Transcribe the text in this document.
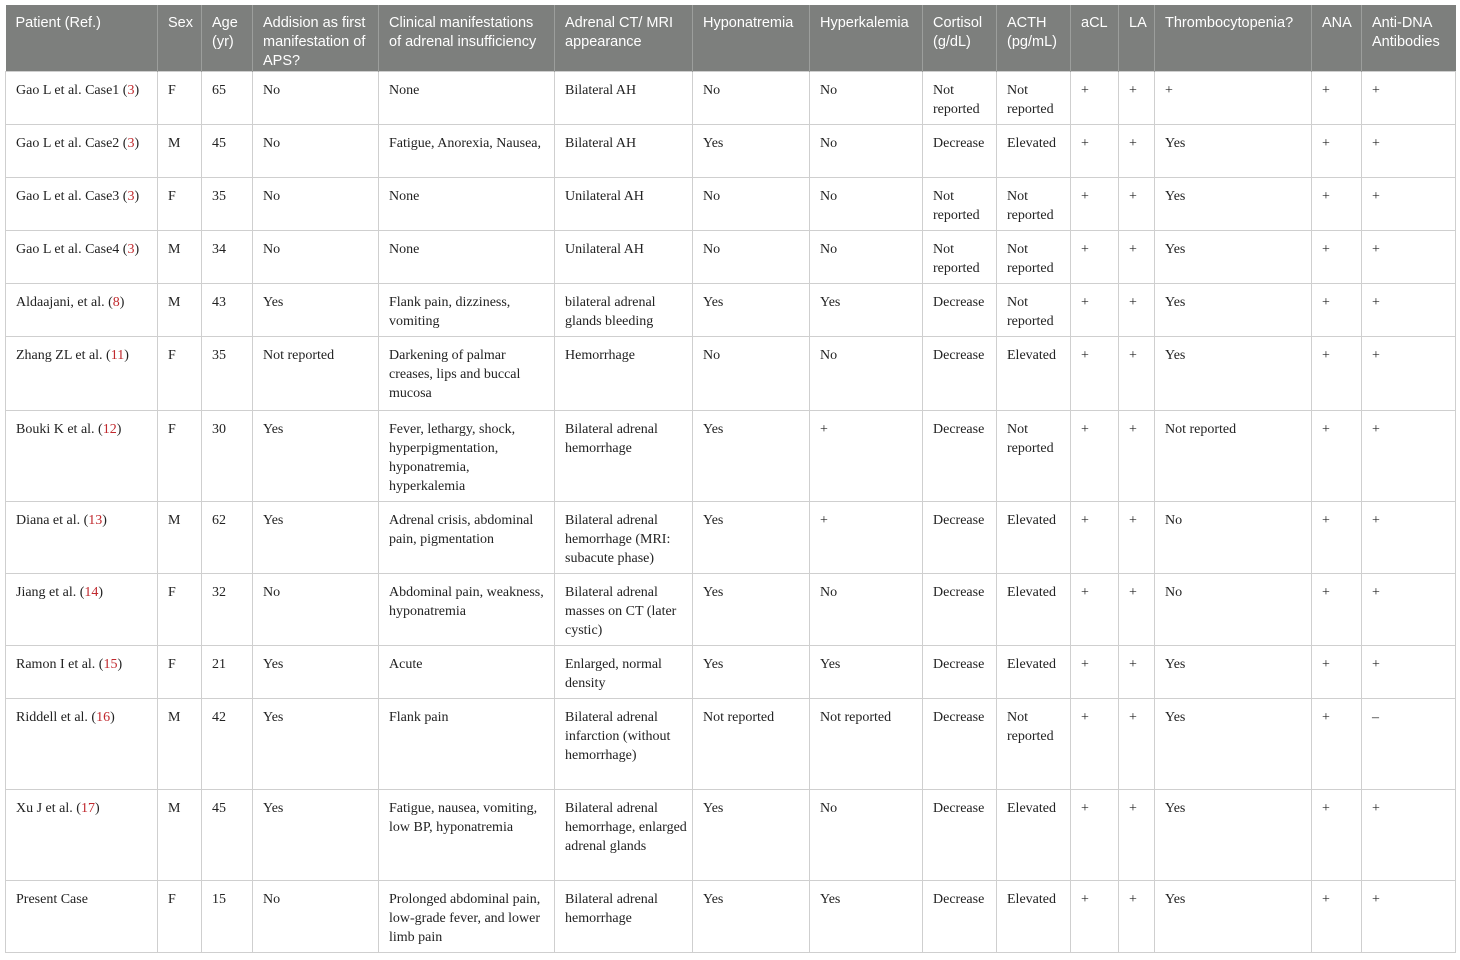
Patient (Ref.)	Sex	Age (yr)	Addision as first manifestation of APS?	Clinical manifestations of adrenal insufficiency	Adrenal CT/ MRI appearance	Hyponatremia	Hyperkalemia	Cortisol (g/dL)	ACTH (pg/mL)	aCL	LA	Thrombocytopenia?	ANA	Anti-DNA Antibodies
Gao L et al. Case1 (3)	F	65	No	None	Bilateral AH	No	No	Not reported	Not reported	+	+	+	+	+
Gao L et al. Case2 (3)	M	45	No	Fatigue, Anorexia, Nausea,	Bilateral AH	Yes	No	Decrease	Elevated	+	+	Yes	+	+
Gao L et al. Case3 (3)	F	35	No	None	Unilateral AH	No	No	Not reported	Not reported	+	+	Yes	+	+
Gao L et al. Case4 (3)	M	34	No	None	Unilateral AH	No	No	Not reported	Not reported	+	+	Yes	+	+
Aldaajani, et al. (8)	M	43	Yes	Flank pain, dizziness, vomiting	bilateral adrenal glands bleeding	Yes	Yes	Decrease	Not reported	+	+	Yes	+	+
Zhang ZL et al. (11)	F	35	Not reported	Darkening of palmar creases, lips and buccal mucosa	Hemorrhage	No	No	Decrease	Elevated	+	+	Yes	+	+
Bouki K et al. (12)	F	30	Yes	Fever, lethargy, shock, hyperpigmentation, hyponatremia, hyperkalemia	Bilateral adrenal hemorrhage	Yes	+	Decrease	Not reported	+	+	Not reported	+	+
Diana et al. (13)	M	62	Yes	Adrenal crisis, abdominal pain, pigmentation	Bilateral adrenal hemorrhage (MRI: subacute phase)	Yes	+	Decrease	Elevated	+	+	No	+	+
Jiang et al. (14)	F	32	No	Abdominal pain, weakness, hyponatremia	Bilateral adrenal masses on CT (later cystic)	Yes	No	Decrease	Elevated	+	+	No	+	+
Ramon I et al. (15)	F	21	Yes	Acute	Enlarged, normal density	Yes	Yes	Decrease	Elevated	+	+	Yes	+	+
Riddell et al. (16)	M	42	Yes	Flank pain	Bilateral adrenal infarction (without hemorrhage)	Not reported	Not reported	Decrease	Not reported	+	+	Yes	+	–
Xu J et al. (17)	M	45	Yes	Fatigue, nausea, vomiting, low BP, hyponatremia	Bilateral adrenal hemorrhage, enlarged adrenal glands	Yes	No	Decrease	Elevated	+	+	Yes	+	+
Present Case	F	15	No	Prolonged abdominal pain, low-grade fever, and lower limb pain	Bilateral adrenal hemorrhage	Yes	Yes	Decrease	Elevated	+	+	Yes	+	+
